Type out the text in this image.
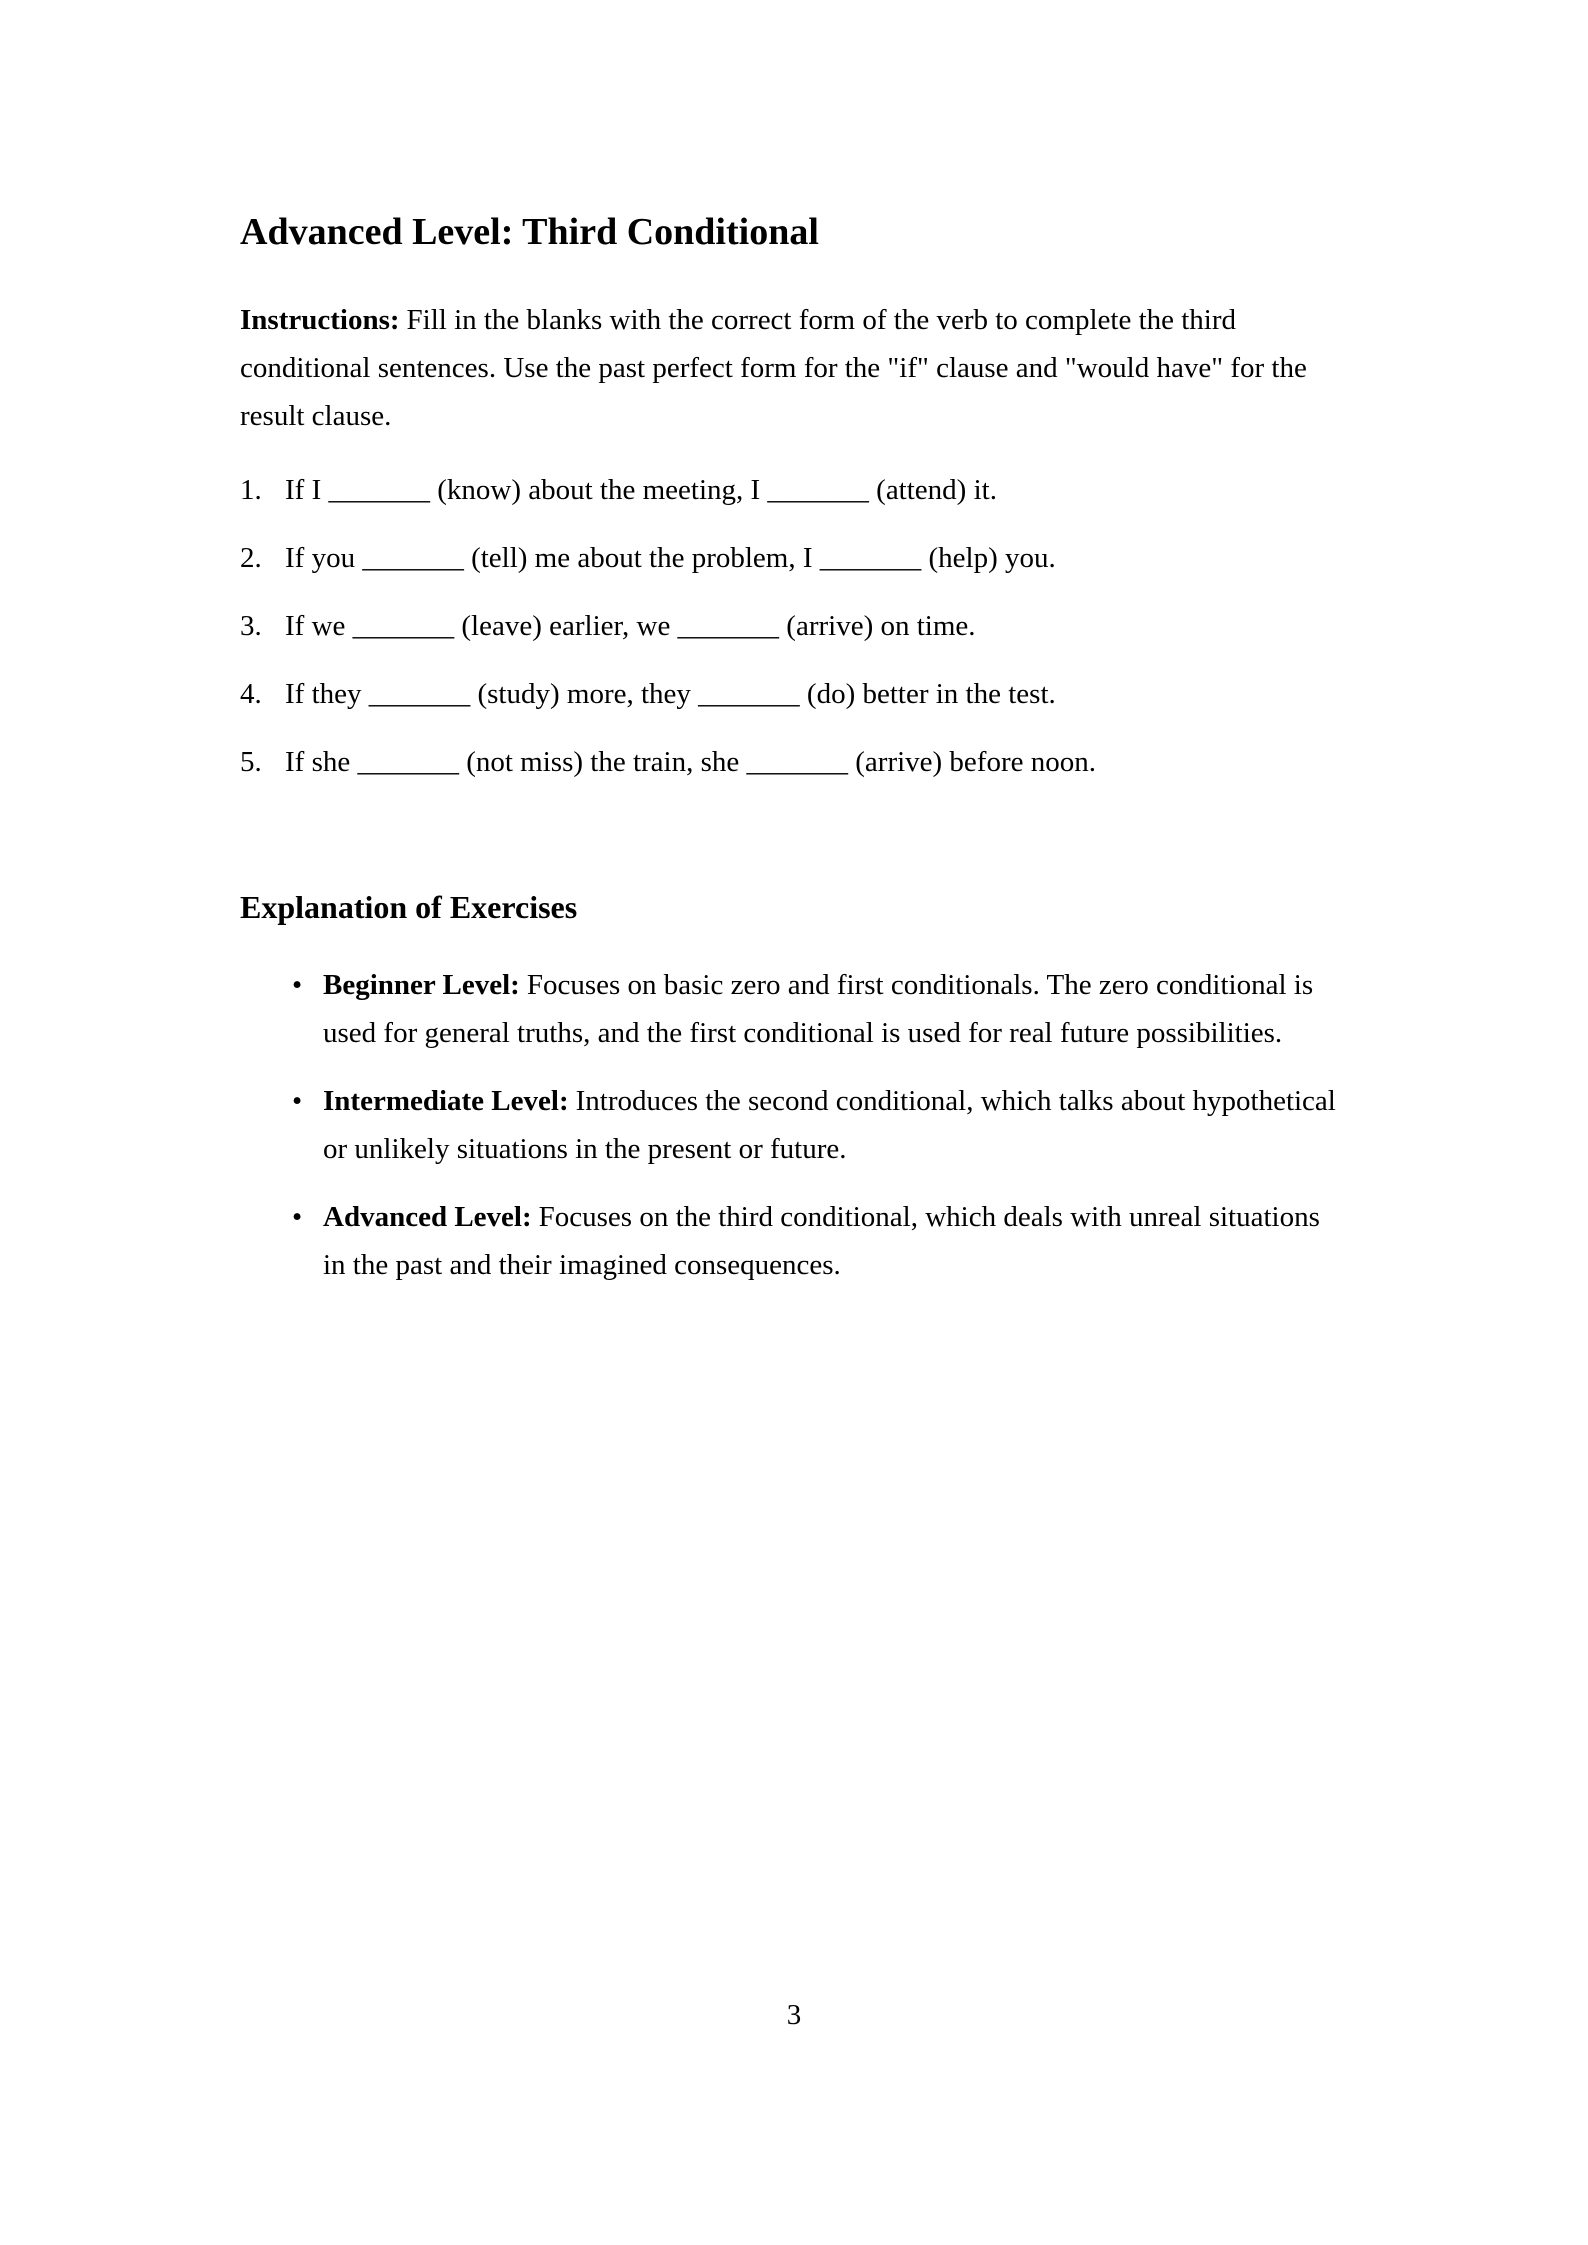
Advanced Level: Third Conditional

Instructions: Fill in the blanks with the correct form of the verb to complete the third conditional sentences. Use the past perfect form for the "if" clause and "would have" for the result clause.

1. If I _______ (know) about the meeting, I _______ (attend) it.
2. If you _______ (tell) me about the problem, I _______ (help) you.
3. If we _______ (leave) earlier, we _______ (arrive) on time.
4. If they _______ (study) more, they _______ (do) better in the test.
5. If she _______ (not miss) the train, she _______ (arrive) before noon.
Explanation of Exercises
• Beginner Level: Focuses on basic zero and first conditionals. The zero conditional is used for general truths, and the first conditional is used for real future possibilities.
• Intermediate Level: Introduces the second conditional, which talks about hypothetical or unlikely situations in the present or future.
• Advanced Level: Focuses on the third conditional, which deals with unreal situations in the past and their imagined consequences.
3
